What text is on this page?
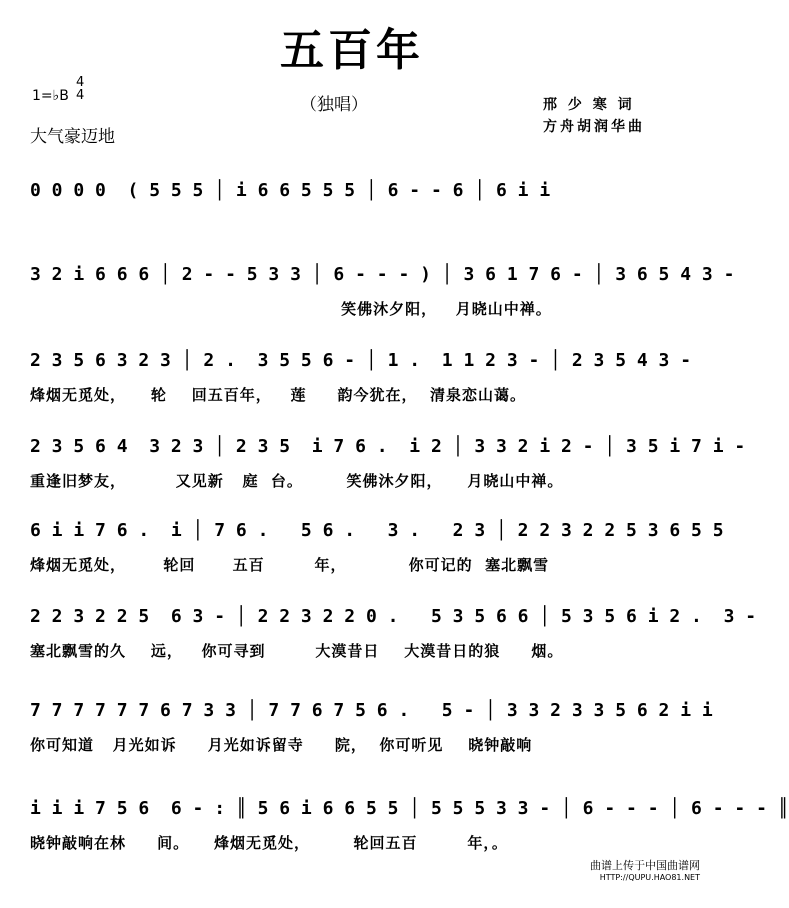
五百年
1=♭B
4
4	（独唱）
大气豪迈地
邢 少 寒 词
方舟胡润华曲
0 0 0 0  ( 5 5 5 │ i 6 6 5 5 5 │ 6 - - 6 │ 6 i i
3 2 i 6 6 6 │ 2 - - 5 3 3 │ 6 - - - ) │ 3 6 1 7 6 - │ 3 6 5 4 3 -
笑佛沐夕阳，   月晓山中禅。
2 3 5 6 3 2 3 │ 2 .  3 5 5 6 - │ 1 .  1 1 2 3 - │ 2 3 5 4 3 -
烽烟无觅处，    轮    回五百年，   莲     韵今犹在，  清泉恋山蔼。
2 3 5 6 4  3 2 3 │ 2 3 5  i 7 6 .  i 2 │ 3 3 2 i 2 - │ 3 5 i 7 i -
重逢旧梦友，        又见新   庭  台。       笑佛沐夕阳，    月晓山中禅。
6 i i 7 6 .  i │ 7 6 .   5 6 .   3 .   2 3 │ 2 2 3 2 2 5 3 6 5 5
烽烟无觅处，      轮回      五百        年，          你可记的  塞北飘雪
2 2 3 2 2 5  6 3 - │ 2 2 3 2 2 0 .   5 3 5 6 6 │ 5 3 5 6 i 2 .  3 -
塞北飘雪的久    远，   你可寻到        大漠昔日    大漠昔日的狼     烟。
7 7 7 7 7 7 6 7 3 3 │ 7 7 6 7 5 6 .   5 - │ 3 3 2 3 3 5 6 2 i i
你可知道   月光如诉     月光如诉留寺     院，  你可听见    晓钟敲响
i i i 7 5 6  6 - : ║ 5 6 i 6 6 5 5 │ 5 5 5 3 3 - │ 6 - - - │ 6 - - - ║
晓钟敲响在林     间。    烽烟无觅处，       轮回五百        年，。
曲谱上传于中国曲谱网
HTTP://QUPU.HAO81.NET
